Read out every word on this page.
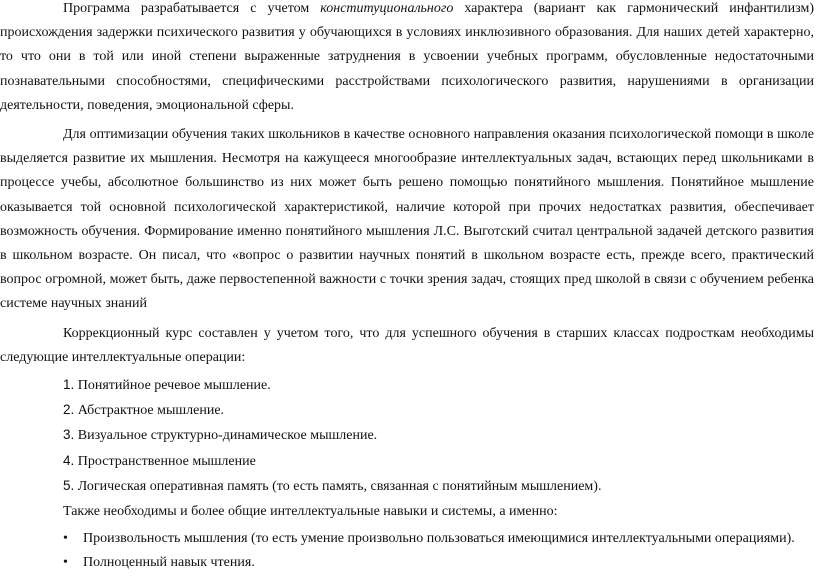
Программа разрабатывается с учетом конституционального характера (вариант как гармонический инфантилизм) происхождения задержки психического развития у обучающихся в условиях инклюзивного образования. Для наших детей характерно, то что они в той или иной степени выраженные затруднения в усвоении учебных программ, обусловленные недостаточными познавательными способностями, специфическими расстройствами психологического развития, нарушениями в организации деятельности, поведения, эмоциональной сферы.

Для оптимизации обучения таких школьников в качестве основного направления оказания психологической помощи в школе выделяется развитие их мышления. Несмотря на кажущееся многообразие интеллектуальных задач, встающих перед школьниками в процессе учебы, абсолютное большинство из них может быть решено помощью понятийного мышления. Понятийное мышление оказывается той основной психологической характеристикой, наличие которой при прочих недостатках развития, обеспечивает возможность обучения. Формирование именно понятийного мышления Л.С. Выготский считал центральной задачей детского развития в школьном возрасте. Он писал, что «вопрос о развитии научных понятий в школьном возрасте есть, прежде всего, практический вопрос огромной, может быть, даже первостепенной важности с точки зрения задач, стоящих пред школой в связи с обучением ребенка системе научных знаний

Коррекционный курс составлен у учетом того, что для успешного обучения в старших классах подросткам необходимы следующие интеллектуальные операции:

1. Понятийное речевое мышление.

2. Абстрактное мышление.

3. Визуальное структурно-динамическое мышление.

4. Пространственное мышление

5. Логическая оперативная память (то есть память, связанная с понятийным мышлением).

Также необходимы и более общие интеллектуальные навыки и системы, а именно:

• Произвольность мышления (то есть умение произвольно пользоваться имеющимися интеллектуальными операциями).

• Полноценный навык чтения.
